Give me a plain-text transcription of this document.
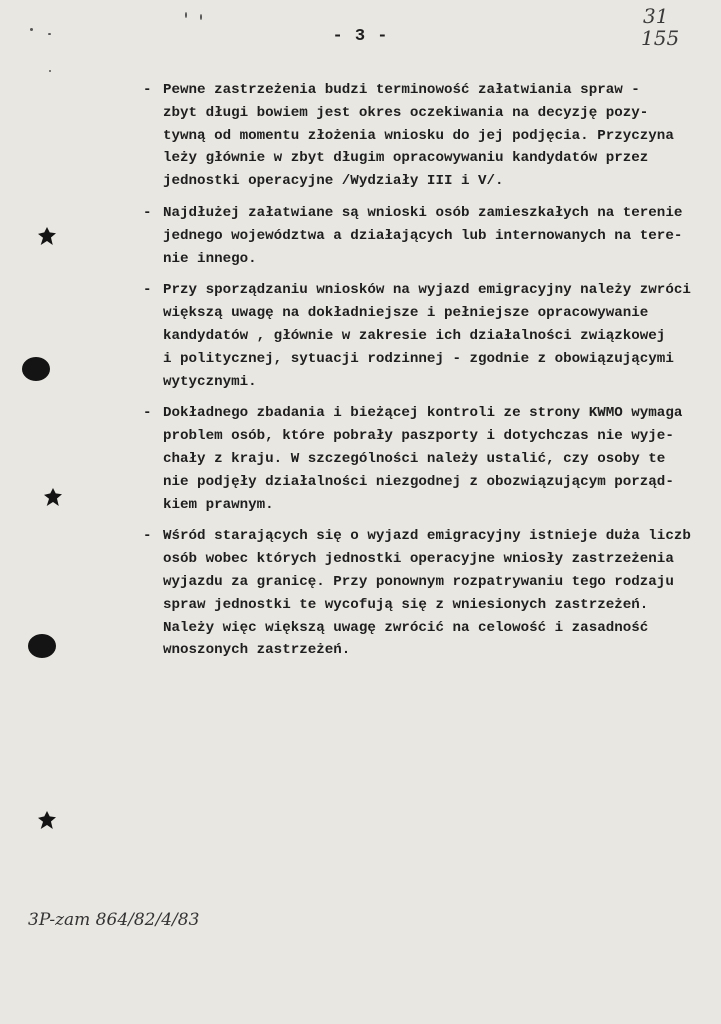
- 3 -
31
155
- Pewne zastrzeżenia budzi terminowość załatwiania spraw -
zbyt długi bowiem jest okres oczekiwania na decyzję pozy-
tywną od momentu złożenia wniosku do jej podjęcia. Przyczyna
leży głównie w zbyt długim opracowywaniu kandydatów przez
jednostki operacyjne /Wydziały III i V/.
- Najdłużej załatwiane są wnioski osób zamieszkałych na terenie
jednego województwa a działających lub internowanych na tere-
nie innego.
- Przy sporządzaniu wniosków na wyjazd emigracyjny należy zwróci
większą uwagę na dokładniejsze i pełniejsze opracowywanie
kandydatów , głównie w zakresie ich działalności związkowej
i politycznej, sytuacji rodzinnej - zgodnie z obowiązującymi
wytycznymi.
- Dokładnego zbadania i bieżącej kontroli ze strony KWMO wymaga
problem osób, które pobrały paszporty i dotychczas nie wyje-
chały z kraju. W szczególności należy ustalić, czy osoby te
nie podjęły działalności niezgodnej z obozwiązującym porząd-
kiem prawnym.
- Wśród starających się o wyjazd emigracyjny istnieje duża liczb
osób wobec których jednostki operacyjne wniosły zastrzeżenia
wyjazdu za granicę. Przy ponownym rozpatrywaniu tego rodzaju
spraw jednostki te wycofują się z wniesionych zastrzeżeń.
Należy więc większą uwagę zwrócić na celowość i zasadność
wnoszonych zastrzeżeń.
3P-zam 864/82/4/83
